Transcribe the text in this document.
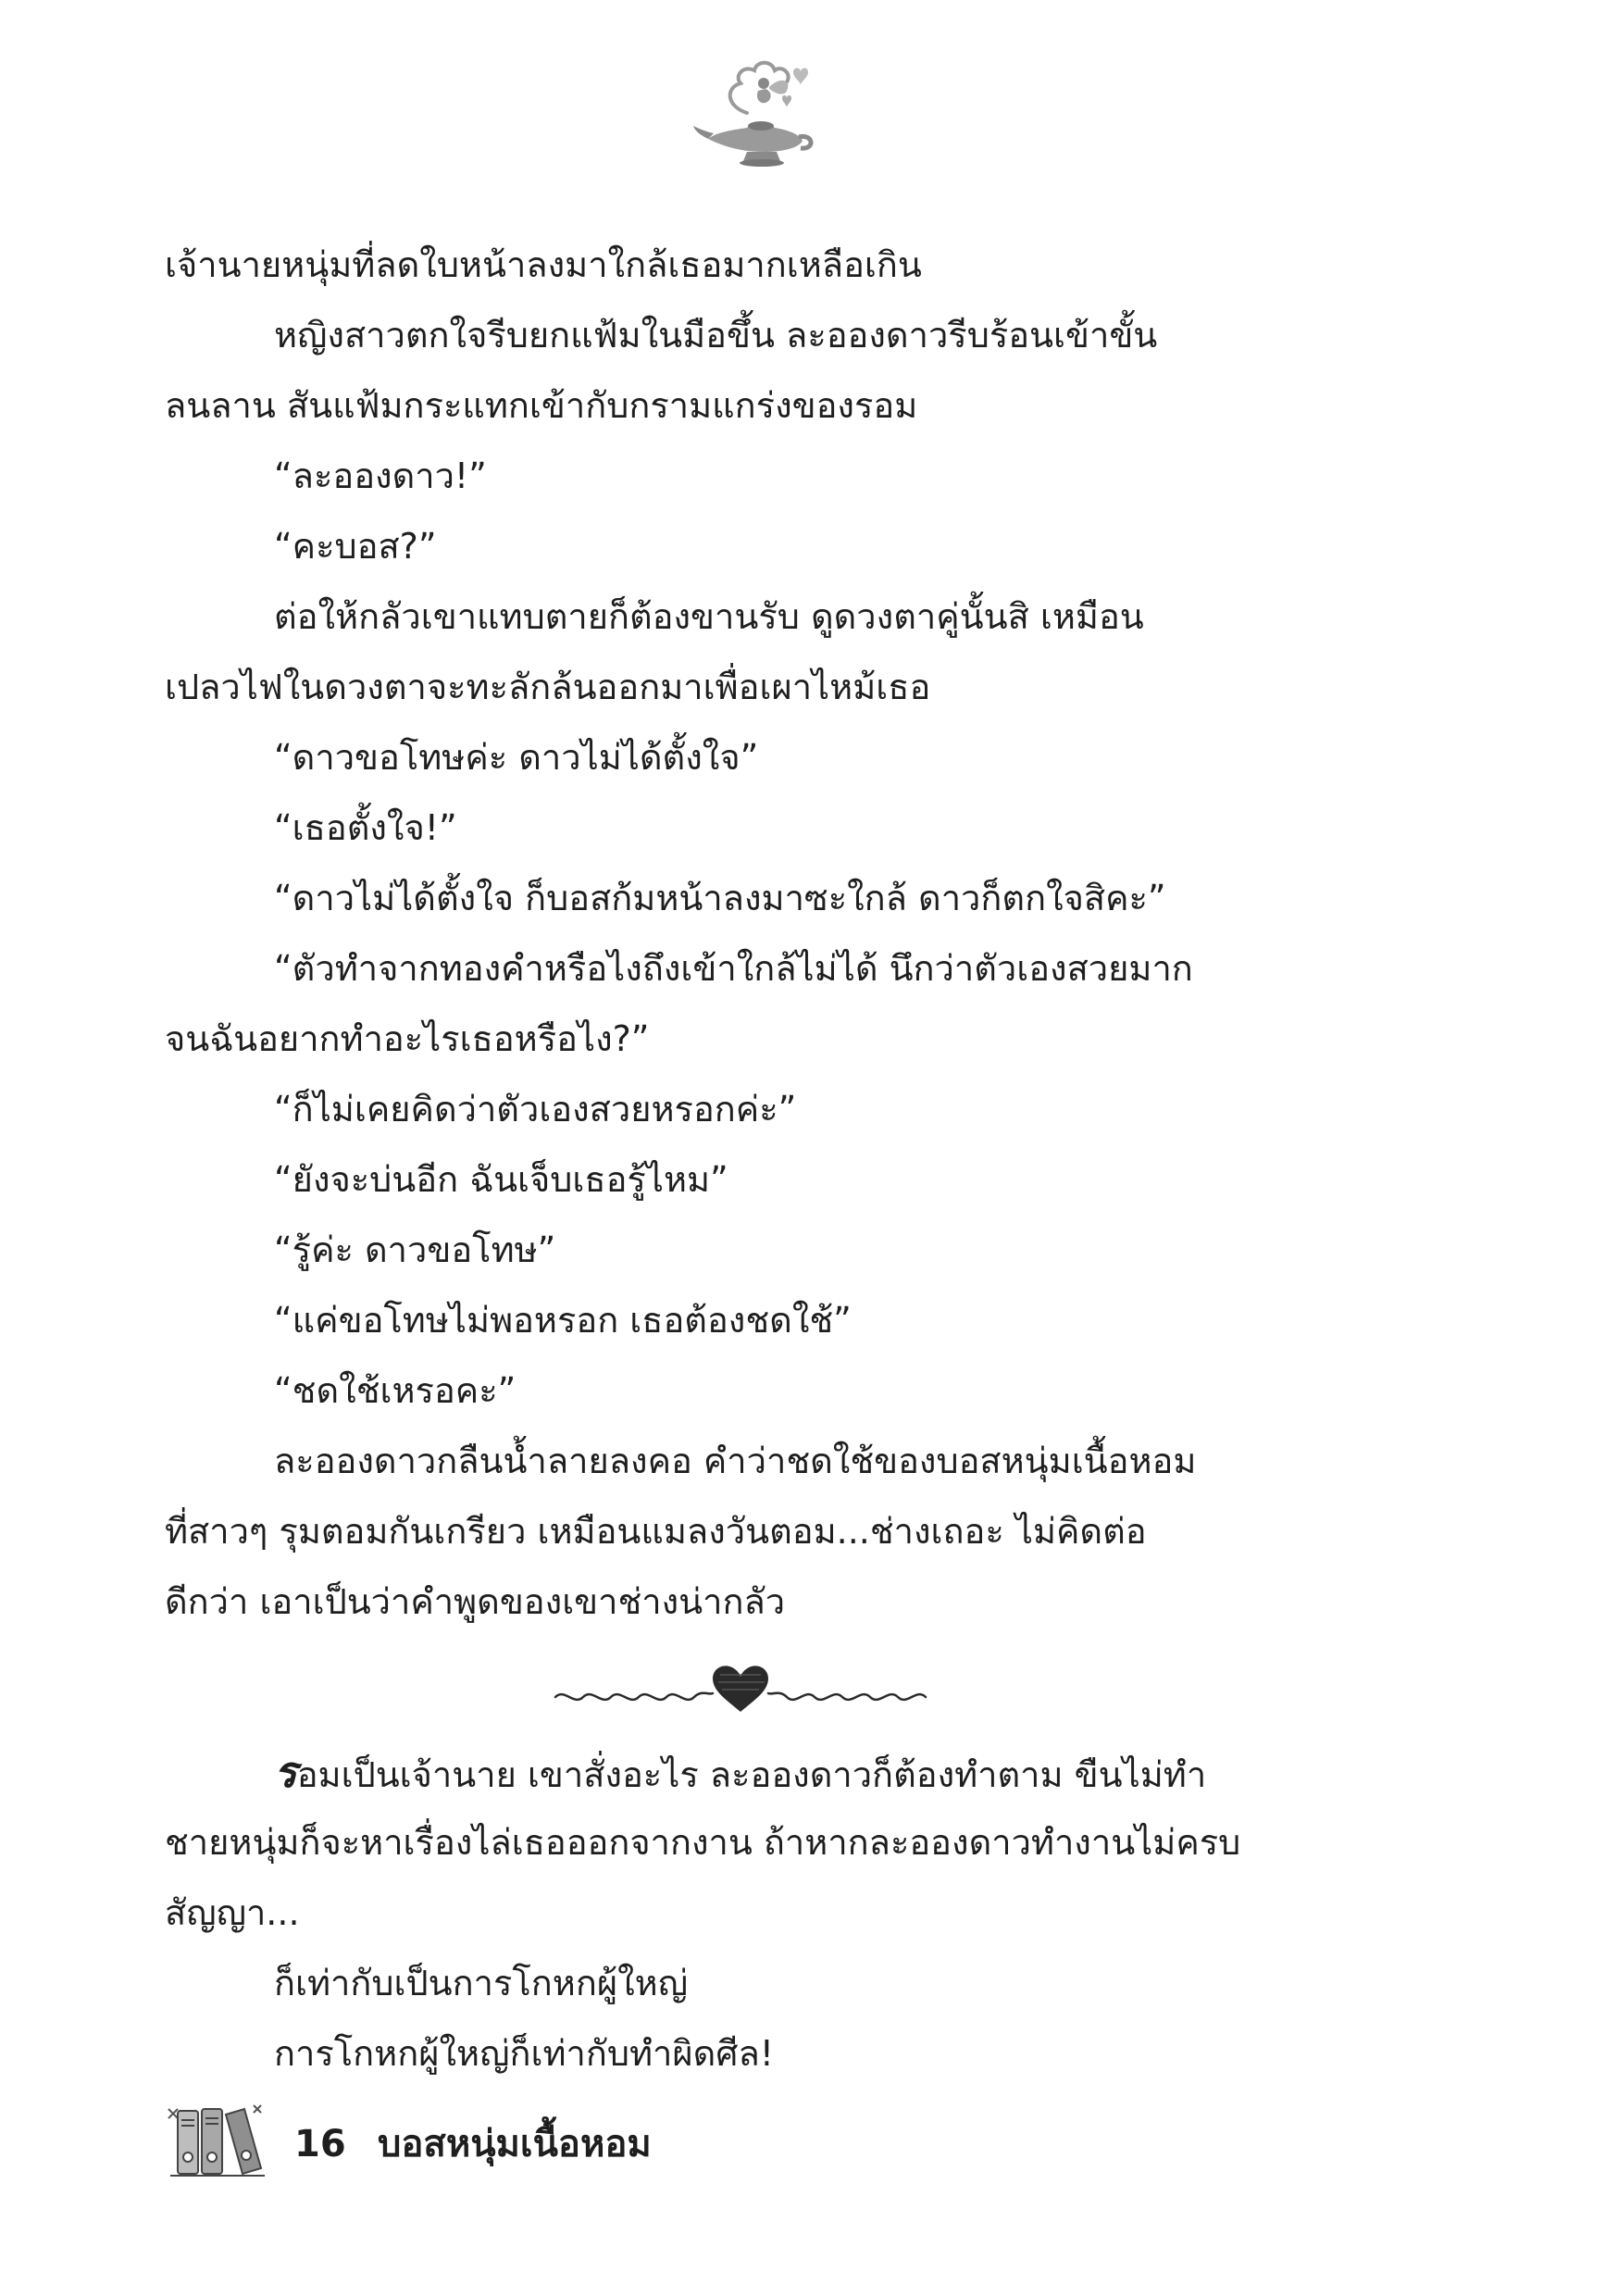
เจ้านายหนุ่มที่ลดใบหน้าลงมาใกล้เธอมากเหลือเกิน
หญิงสาวตกใจรีบยกแฟ้มในมือขึ้น ละอองดาวรีบร้อนเข้าขั้น
ลนลาน สันแฟ้มกระแทกเข้ากับกรามแกร่งของรอม
“ละอองดาว!”
“คะบอส?”
ต่อให้กลัวเขาแทบตายก็ต้องขานรับ ดูดวงตาคู่นั้นสิ เหมือน
เปลวไฟในดวงตาจะทะลักล้นออกมาเพื่อเผาไหม้เธอ
“ดาวขอโทษค่ะ ดาวไม่ได้ตั้งใจ”
“เธอตั้งใจ!”
“ดาวไม่ได้ตั้งใจ ก็บอสก้มหน้าลงมาซะใกล้ ดาวก็ตกใจสิคะ”
“ตัวทำจากทองคำหรือไงถึงเข้าใกล้ไม่ได้ นึกว่าตัวเองสวยมาก
จนฉันอยากทำอะไรเธอหรือไง?”
“ก็ไม่เคยคิดว่าตัวเองสวยหรอกค่ะ”
“ยังจะบ่นอีก ฉันเจ็บเธอรู้ไหม”
“รู้ค่ะ ดาวขอโทษ”
“แค่ขอโทษไม่พอหรอก เธอต้องชดใช้”
“ชดใช้เหรอคะ”
ละอองดาวกลืนน้ำลายลงคอ คำว่าชดใช้ของบอสหนุ่มเนื้อหอม
ที่สาวๆ รุมตอมกันเกรียว เหมือนแมลงวันตอม...ช่างเถอะ ไม่คิดต่อ
ดีกว่า เอาเป็นว่าคำพูดของเขาช่างน่ากลัว
รอมเป็นเจ้านาย เขาสั่งอะไร ละอองดาวก็ต้องทำตาม ขืนไม่ทำ
ชายหนุ่มก็จะหาเรื่องไล่เธอออกจากงาน ถ้าหากละอองดาวทำงานไม่ครบ
สัญญา...
ก็เท่ากับเป็นการโกหกผู้ใหญ่
การโกหกผู้ใหญ่ก็เท่ากับทำผิดศีล!
16 บอสหนุ่มเนื้อหอม
